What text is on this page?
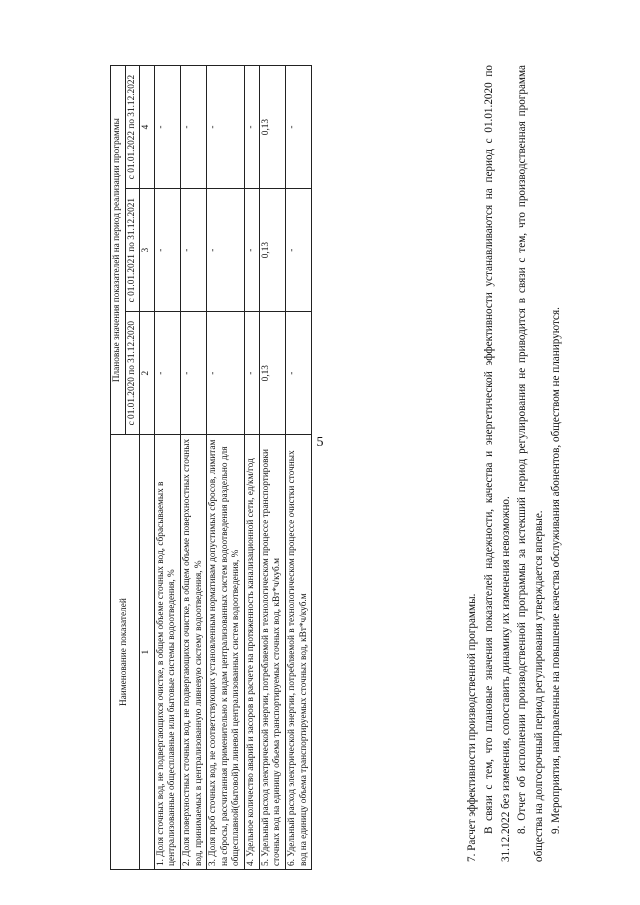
5
Наименование показателей	Плановые значения показателей на период реализации программы		
	с 01.01.2020 по 31.12.2020	с 01.01.2021 по 31.12.2021	с 01.01.2022 по 31.12.2022
1	2	3	4
1. Доля сточных вод, не подвергающихся очистке, в общем объеме сточных вод, сбрасываемых в централизованные общесплавные или бытовые системы водоотведения, %	-	-	-
2. Доля поверхностных сточных вод, не подвергающихся очистке, в общем объеме поверхностных сточных вод, принимаемых в централизованную ливневую систему водоотведения, %	-	-	-
3. Доля проб сточных вод, не соответствующих установленным нормативам допустимых сбросов, лимитам на сбросы, рассчитанная применительно к видам централизованных систем водоотведения раздельно для общесплавной(бытовой)и линевой централизованных систем водоотведения, %	-	-	-
4. Удельное количество аварий и засоров в расчете на протяженность канализационной сети, ед/км/год	-	-	-
5. Удельный расход электрической энергии, потребляемой в технологическом процессе транспортировки сточных вод на единицу объема транспортируемых сточных вод, кВт*ч/куб.м	0,13	0,13	0,13
6. Удельный расход электрической энергии, потребляемой в технологическом процессе очистки сточных вод на единицу объема транспортируемых сточных вод, кВт*ч/куб.м	-	-	-

7. Расчет эффективности производственной программы. В связи с тем, что плановые значения показателей надежности, качества и энергетической эффективности устанавливаются на период с 01.01.2020 по 31.12.2022 без изменения, сопоставить динамику их изменения невозможно. 8. Отчет об исполнении производственной программы за истекший период регулирования не приводится в связи с тем, что производственная программа общества на долгосрочный период регулирования утверждается впервые. 9. Мероприятия, направленные на повышение качества обслуживания абонентов, обществом не планируются.
